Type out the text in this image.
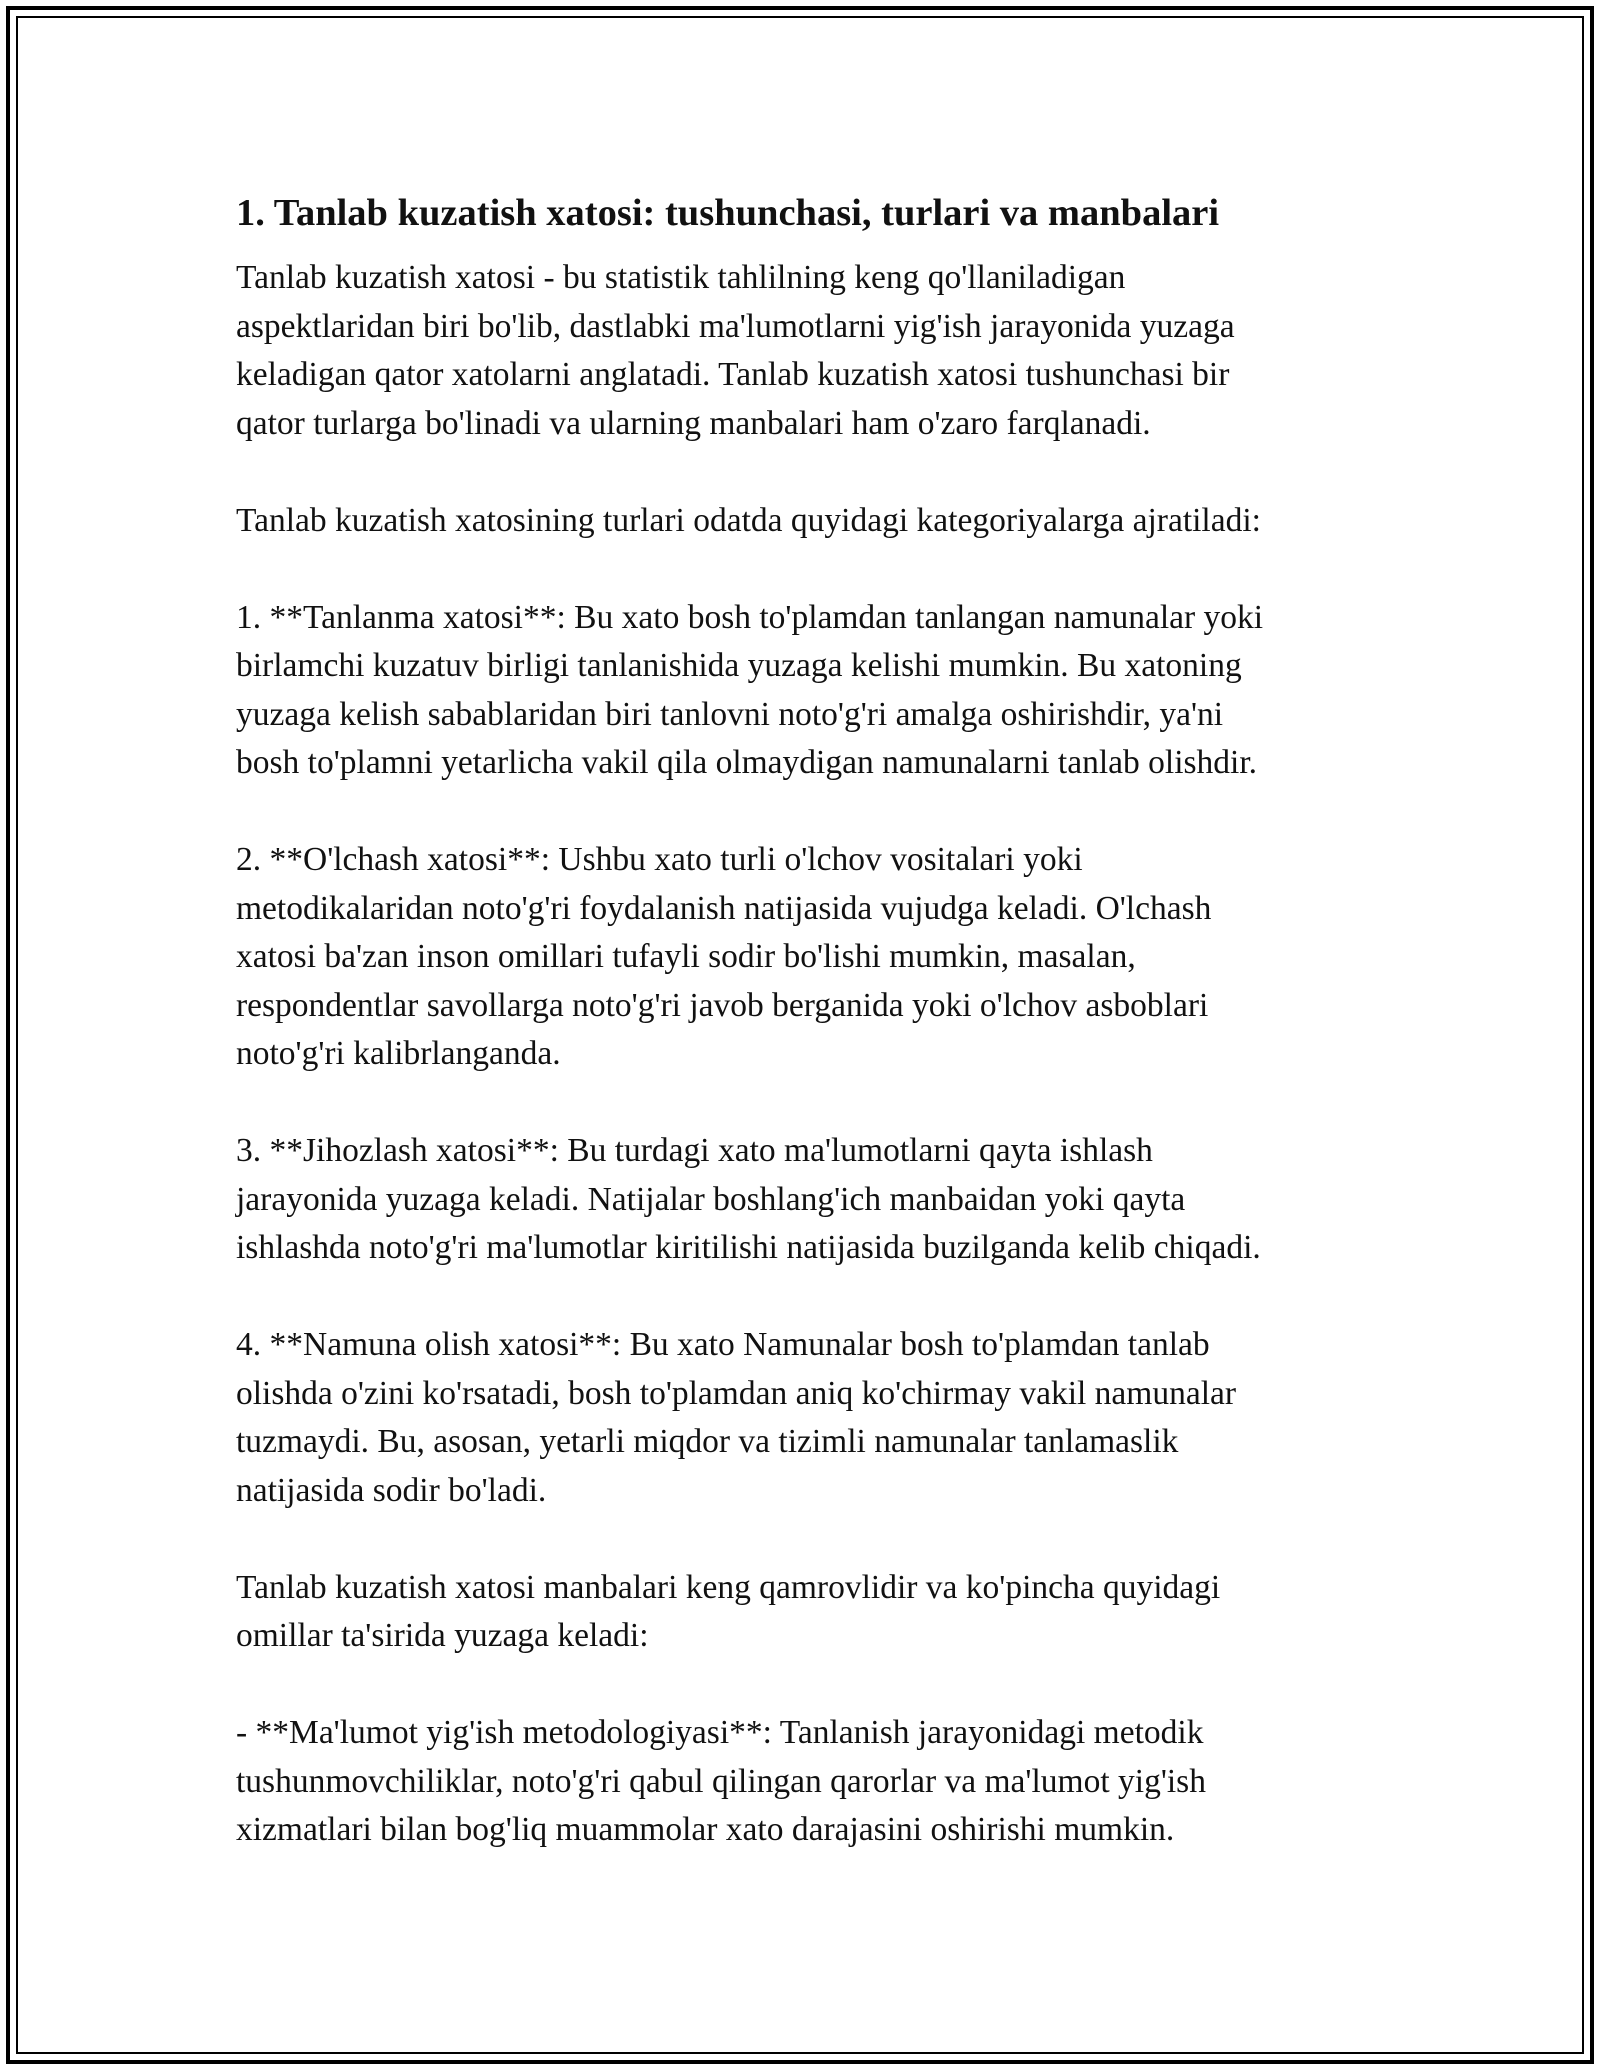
1. Tanlab kuzatish xatosi: tushunchasi, turlari va manbalari

Tanlab kuzatish xatosi - bu statistik tahlilning keng qo'llaniladigan
aspektlaridan biri bo'lib, dastlabki ma'lumotlarni yig'ish jarayonida yuzaga
keladigan qator xatolarni anglatadi. Tanlab kuzatish xatosi tushunchasi bir
qator turlarga bo'linadi va ularning manbalari ham o'zaro farqlanadi.

Tanlab kuzatish xatosining turlari odatda quyidagi kategoriyalarga ajratiladi:

1. **Tanlanma xatosi**: Bu xato bosh to'plamdan tanlangan namunalar yoki
birlamchi kuzatuv birligi tanlanishida yuzaga kelishi mumkin. Bu xatoning
yuzaga kelish sabablaridan biri tanlovni noto'g'ri amalga oshirishdir, ya'ni
bosh to'plamni yetarlicha vakil qila olmaydigan namunalarni tanlab olishdir.

2. **O'lchash xatosi**: Ushbu xato turli o'lchov vositalari yoki
metodikalaridan noto'g'ri foydalanish natijasida vujudga keladi. O'lchash
xatosi ba'zan inson omillari tufayli sodir bo'lishi mumkin, masalan,
respondentlar savollarga noto'g'ri javob berganida yoki o'lchov asboblari
noto'g'ri kalibrlanganda.

3. **Jihozlash xatosi**: Bu turdagi xato ma'lumotlarni qayta ishlash
jarayonida yuzaga keladi. Natijalar boshlang'ich manbaidan yoki qayta
ishlashda noto'g'ri ma'lumotlar kiritilishi natijasida buzilganda kelib chiqadi.

4. **Namuna olish xatosi**: Bu xato Namunalar bosh to'plamdan tanlab
olishda o'zini ko'rsatadi, bosh to'plamdan aniq ko'chirmay vakil namunalar
tuzmaydi. Bu, asosan, yetarli miqdor va tizimli namunalar tanlamaslik
natijasida sodir bo'ladi.

Tanlab kuzatish xatosi manbalari keng qamrovlidir va ko'pincha quyidagi
omillar ta'sirida yuzaga keladi:

- **Ma'lumot yig'ish metodologiyasi**: Tanlanish jarayonidagi metodik
tushunmovchiliklar, noto'g'ri qabul qilingan qarorlar va ma'lumot yig'ish
xizmatlari bilan bog'liq muammolar xato darajasini oshirishi mumkin.
